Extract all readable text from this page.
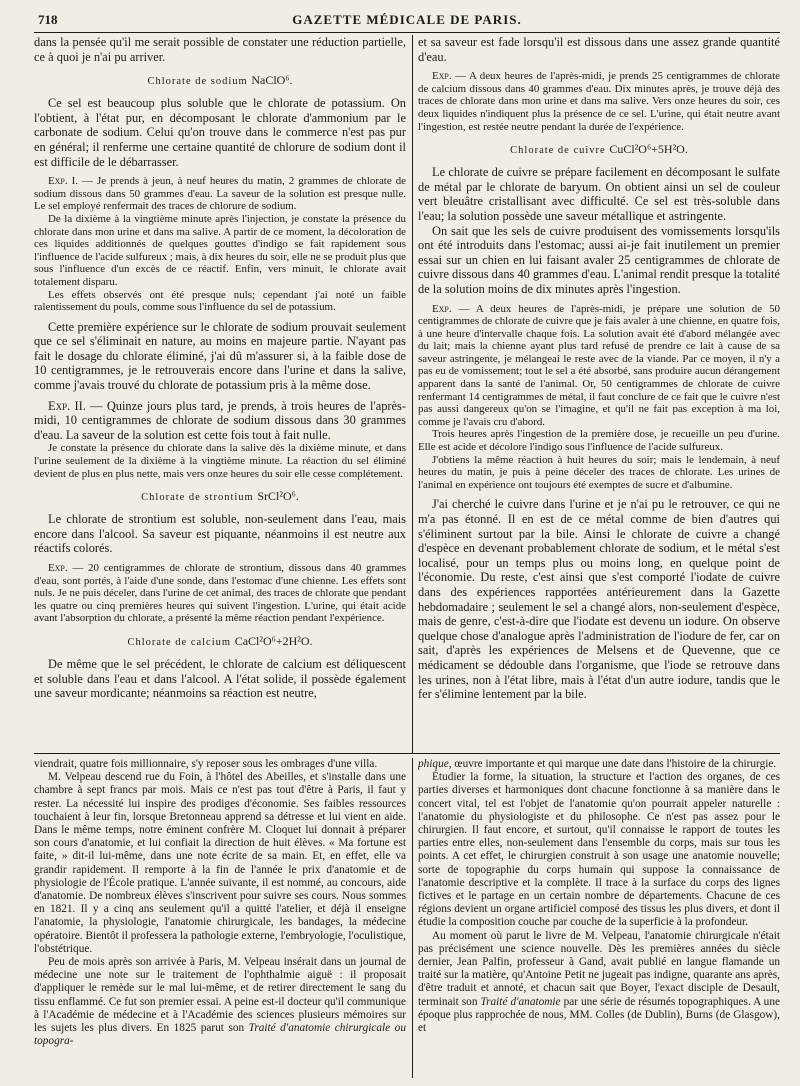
718	GAZETTE MÉDICALE DE PARIS.

dans la pensée qu'il me serait possible de constater une réduction partielle, ce à quoi je n'ai pu arriver.

Chlorate de sodium NaClO⁶.

Ce sel est beaucoup plus soluble que le chlorate de potassium. On l'obtient, à l'état pur, en décomposant le chlorate d'ammonium par le carbonate de sodium. Celui qu'on trouve dans le commerce n'est pas pur en général; il renferme une certaine quantité de chlorure de sodium dont il est difficile de le débarrasser.

Exp. I. — Je prends à jeun, à neuf heures du matin, 2 grammes de chlorate de sodium dissous dans 50 grammes d'eau. La saveur de la solution est presque nulle. Le sel employé renfermait des traces de chlorure de sodium.

De la dixième à la vingtième minute après l'injection, je constate la présence du chlorate dans mon urine et dans ma salive. A partir de ce moment, la décoloration de ces liquides additionnés de quelques gouttes d'indigo se fait rapidement sous l'influence de l'acide sulfureux ; mais, à dix heures du soir, elle ne se produit plus que sous l'influence d'un excès de ce réactif. Enfin, vers minuit, le chlorate avait totalement disparu.

Les effets observés ont été presque nuls; cependant j'ai noté un faible ralentissement du pouls, comme sous l'influence du sel de potassium.

Cette première expérience sur le chlorate de sodium prouvait seulement que ce sel s'éliminait en nature, au moins en majeure partie. N'ayant pas fait le dosage du chlorate éliminé, j'ai dû m'assurer si, à la faible dose de 10 centigrammes, je le retrouverais encore dans l'urine et dans la salive, comme j'avais trouvé du chlorate de potassium pris à la même dose.

Exp. II. — Quinze jours plus tard, je prends, à trois heures de l'après-midi, 10 centigrammes de chlorate de sodium dissous dans 30 grammes d'eau. La saveur de la solution est cette fois tout à fait nulle.

Je constate la présence du chlorate dans la salive dès la dixième minute, et dans l'urine seulement de la dixième à la vingtième minute. La réaction du sel éliminé devient de plus en plus nette, mais vers onze heures du soir elle cesse complétement.

Chlorate de strontium SrCl²O⁶.

Le chlorate de strontium est soluble, non-seulement dans l'eau, mais encore dans l'alcool. Sa saveur est piquante, néanmoins il est neutre aux réactifs colorés.

Exp. — 20 centigrammes de chlorate de strontium, dissous dans 40 grammes d'eau, sont portés, à l'aide d'une sonde, dans l'estomac d'une chienne. Les effets sont nuls. Je ne puis déceler, dans l'urine de cet animal, des traces de chlorate que pendant les quatre ou cinq premières heures qui suivent l'ingestion. L'urine, qui était acide avant l'absorption du chlorate, a présenté la même réaction pendant l'expérience.

Chlorate de calcium CaCl²O⁶+2H²O.

De même que le sel précédent, le chlorate de calcium est déliquescent et soluble dans l'eau et dans l'alcool. A l'état solide, il possède également une saveur mordicante; néanmoins sa réaction est neutre,

et sa saveur est fade lorsqu'il est dissous dans une assez grande quantité d'eau.

Exp. — A deux heures de l'après-midi, je prends 25 centigrammes de chlorate de calcium dissous dans 40 grammes d'eau. Dix minutes après, je trouve déjà des traces de chlorate dans mon urine et dans ma salive. Vers onze heures du soir, ces deux liquides n'indiquent plus la présence de ce sel. L'urine, qui était neutre avant l'ingestion, est restée neutre pendant la durée de l'expérience.

Chlorate de cuivre CuCl²O⁶+5H²O.

Le chlorate de cuivre se prépare facilement en décomposant le sulfate de métal par le chlorate de baryum. On obtient ainsi un sel de couleur vert bleuâtre cristallisant avec difficulté. Ce sel est très-soluble dans l'eau; la solution possède une saveur métallique et astringente.

On sait que les sels de cuivre produisent des vomissements lorsqu'ils ont été introduits dans l'estomac; aussi ai-je fait inutilement un premier essai sur un chien en lui faisant avaler 25 centigrammes de chlorate de cuivre dissous dans 40 grammes d'eau. L'animal rendit presque la totalité de la solution moins de dix minutes après l'ingestion.

Exp. — A deux heures de l'après-midi, je prépare une solution de 50 centigrammes de chlorate de cuivre que je fais avaler à une chienne, en quatre fois, à une heure d'intervalle chaque fois. La solution avait été d'abord mélangée avec du lait; mais la chienne ayant plus tard refusé de prendre ce lait à cause de sa saveur astringente, je mélangeai le reste avec de la viande. Par ce moyen, il n'y a pas eu de vomissement; tout le sel a été absorbé, sans produire aucun dérangement apparent dans la santé de l'animal. Or, 50 centigrammes de chlorate de cuivre renfermant 14 centigrammes de métal, il faut conclure de ce fait que le cuivre n'est pas aussi dangereux qu'on se l'imagine, et qu'il ne fait pas exception à ma loi, comme je l'avais cru d'abord.

Trois heures après l'ingestion de la première dose, je recueille un peu d'urine. Elle est acide et décolore l'indigo sous l'influence de l'acide sulfureux.

J'obtiens la même réaction à huit heures du soir; mais le lendemain, à neuf heures du matin, je puis à peine déceler des traces de chlorate. Les urines de l'animal en expérience ont toujours été exemptes de sucre et d'albumine.

J'ai cherché le cuivre dans l'urine et je n'ai pu le retrouver, ce qui ne m'a pas étonné. Il en est de ce métal comme de bien d'autres qui s'éliminent surtout par la bile. Ainsi le chlorate de cuivre a changé d'espèce en devenant probablement chlorate de sodium, et le métal s'est localisé, pour un temps plus ou moins long, en quelque point de l'économie. Du reste, c'est ainsi que s'est comporté l'iodate de cuivre dans des expériences rapportées antérieurement dans la Gazette hebdomadaire ; seulement le sel a changé alors, non-seulement d'espèce, mais de genre, c'est-à-dire que l'iodate est devenu un iodure. On observe quelque chose d'analogue après l'administration de l'iodure de fer, car on sait, d'après les expériences de Melsens et de Quevenne, que ce médicament se dédouble dans l'organisme, que l'iode se retrouve dans les urines, non à l'état libre, mais à l'état d'un autre iodure, tandis que le fer s'élimine lentement par la bile.

viendrait, quatre fois millionnaire, s'y reposer sous les ombrages d'une villa.

M. Velpeau descend rue du Foin, à l'hôtel des Abeilles, et s'installe dans une chambre à sept francs par mois. Mais ce n'est pas tout d'être à Paris, il faut y rester. La nécessité lui inspire des prodiges d'économie. Ses faibles ressources touchaient à leur fin, lorsque Bretonneau apprend sa détresse et lui vient en aide. Dans le même temps, notre éminent confrère M. Cloquet lui donnait à préparer son cours d'anatomie, et lui confiait la direction de huit élèves. « Ma fortune est faite, » dit-il lui-même, dans une note écrite de sa main. Et, en effet, elle va grandir rapidement. Il remporte à la fin de l'année le prix d'anatomie et de physiologie de l'École pratique. L'année suivante, il est nommé, au concours, aide d'anatomie. De nombreux élèves s'inscrivent pour suivre ses cours. Nous sommes en 1821. Il y a cinq ans seulement qu'il a quitté l'atelier, et déjà il enseigne l'anatomie, la physiologie, l'anatomie chirurgicale, les bandages, la médecine opératoire. Bientôt il professera la pathologie externe, l'embryologie, l'oculistique, l'obstétrique.

Peu de mois après son arrivée à Paris, M. Velpeau insérait dans un journal de médecine une note sur le traitement de l'ophthalmie aiguë : il proposait d'appliquer le remède sur le mal lui-même, et de retirer directement le sang du tissu enflammé. Ce fut son premier essai. A peine est-il docteur qu'il communique à l'Académie de médecine et à l'Académie des sciences plusieurs mémoires sur les sujets les plus divers. En 1825 parut son Traité d'anatomie chirurgicale ou topogra-

phique, œuvre importante et qui marque une date dans l'histoire de la chirurgie.

Étudier la forme, la situation, la structure et l'action des organes, de ces parties diverses et harmoniques dont chacune fonctionne à sa manière dans le concert vital, tel est l'objet de l'anatomie qu'on pourrait appeler naturelle : l'anatomie du physiologiste et du philosophe. Ce n'est pas assez pour le chirurgien. Il faut encore, et surtout, qu'il connaisse le rapport de toutes les parties entre elles, non-seulement dans l'ensemble du corps, mais sur tous les points. A cet effet, le chirurgien construit à son usage une anatomie nouvelle; sorte de topographie du corps humain qui suppose la connaissance de l'anatomie descriptive et la complète. Il trace à la surface du corps des lignes fictives et le partage en un certain nombre de départements. Chacune de ces régions devient un organe artificiel composé des tissus les plus divers, et dont il étudie la composition couche par couche de la superficie à la profondeur.

Au moment où parut le livre de M. Velpeau, l'anatomie chirurgicale n'était pas précisément une science nouvelle. Dès les premières années du siècle dernier, Jean Palfin, professeur à Gand, avait publié en langue flamande un traité sur la matière, qu'Antoine Petit ne jugeait pas indigne, quarante ans après, d'être traduit et annoté, et chacun sait que Boyer, l'exact disciple de Desault, terminait son Traité d'anatomie par une série de résumés topographiques. A une époque plus rapprochée de nous, MM. Colles (de Dublin), Burns (de Glasgow), et
